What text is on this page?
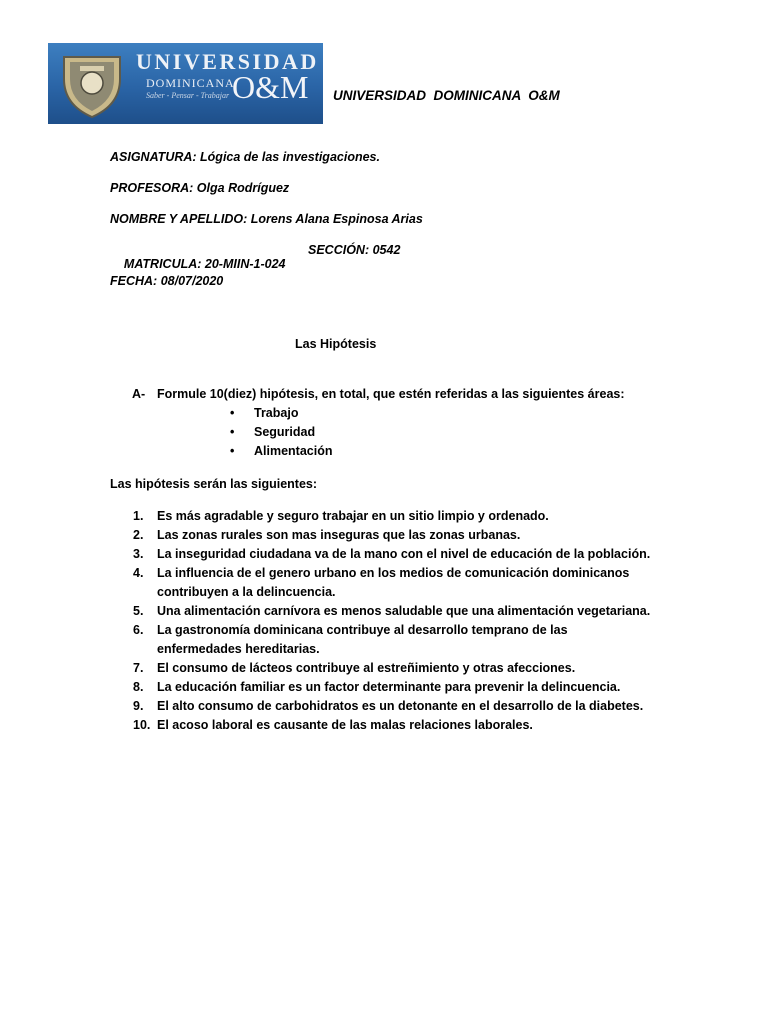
UNIVERSIDAD
DOMINICANA
O&M
Saber - Pensar - Trabajar	UNIVERSIDAD  DOMINICANA  O&M
ASIGNATURA: Lógica de las investigaciones.
PROFESORA: Olga Rodríguez
NOMBRE Y APELLIDO: Lorens Alana Espinosa Arias

MATRICULA: 20-MIIN-1-024

SECCIÓN: 0542

FECHA: 08/07/2020
Las Hipótesis
A- Formule 10(diez) hipótesis, en total, que estén referidas a las siguientes áreas:
• Trabajo
• Seguridad
• Alimentación
Las hipótesis serán las siguientes:
1. Es más agradable y seguro trabajar en un sitio limpio y ordenado.
2. Las zonas rurales son mas inseguras que las zonas urbanas.
3. La inseguridad ciudadana va de la mano con el nivel de educación de la población.
4. La influencia de el genero urbano en los medios de comunicación dominicanos contribuyen a la delincuencia.
5. Una alimentación carnívora es menos saludable que una alimentación vegetariana.
6. La gastronomía dominicana contribuye al desarrollo temprano de las enfermedades hereditarias.
7. El consumo de lácteos contribuye al estreñimiento y otras afecciones.
8. La educación familiar es un factor determinante para prevenir la delincuencia.
9. El alto consumo de carbohidratos es un detonante en el desarrollo de la diabetes.
10. El acoso laboral es causante de las malas relaciones laborales.
